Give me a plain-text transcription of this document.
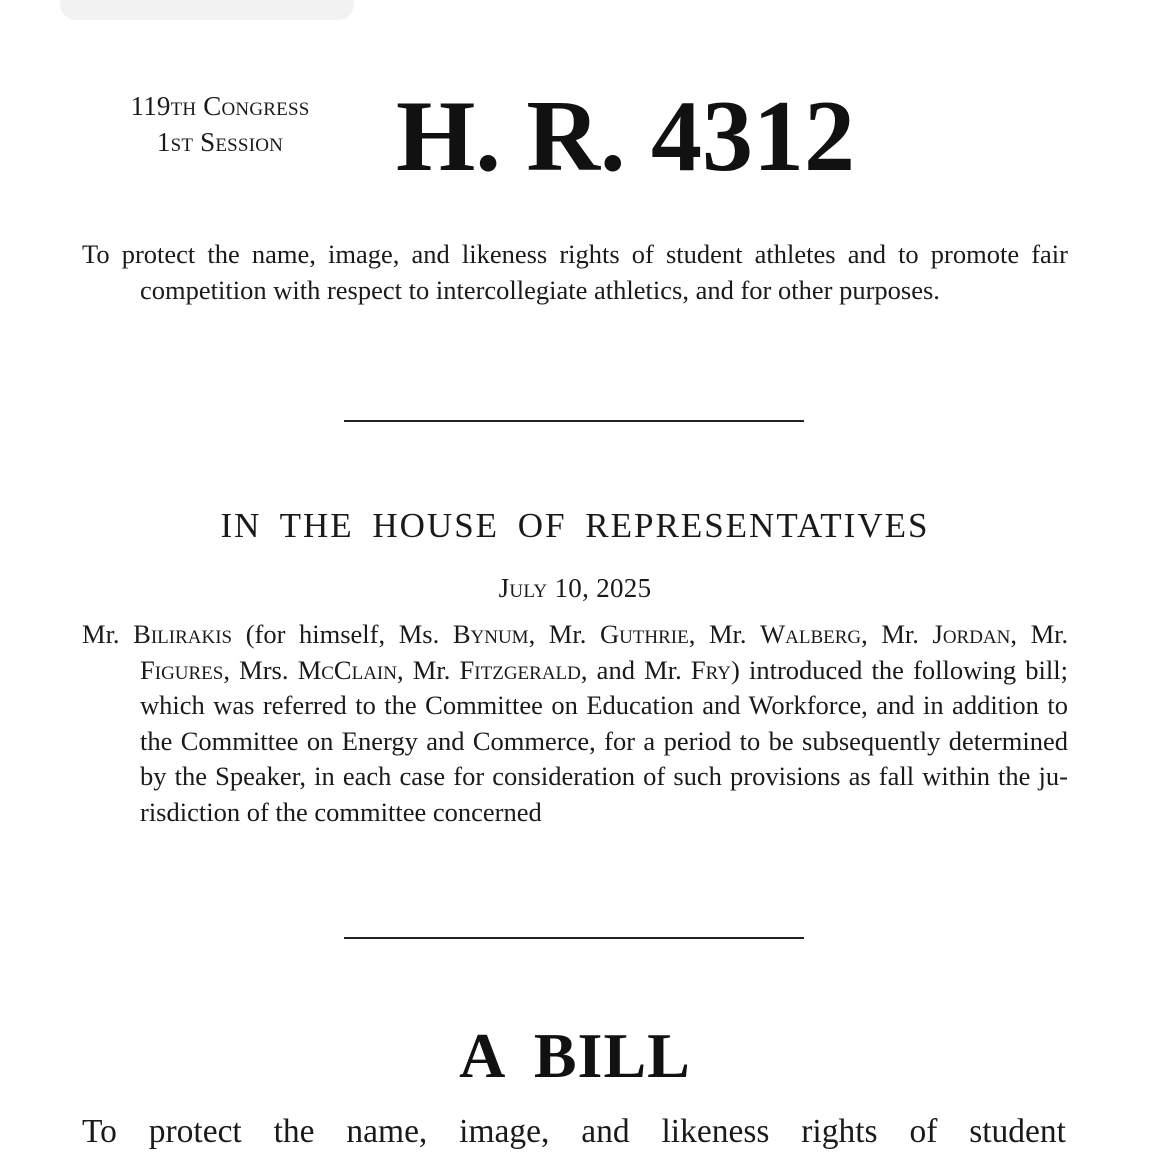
119th Congress
1st Session	H. R. 4312
To protect the name, image, and likeness rights of student athletes and to promote fair competition with respect to intercollegiate athletics, and for other purposes.
IN THE HOUSE OF REPRESENTATIVES
July 10, 2025
Mr. Bilirakis (for himself, Ms. Bynum, Mr. Guthrie, Mr. Walberg, Mr. Jordan, Mr. Figures, Mrs. McClain, Mr. Fitzgerald, and Mr. Fry) introduced the following bill; which was referred to the Committee on Education and Workforce, and in addition to the Committee on Energy and Commerce, for a period to be subsequently determined by the Speaker, in each case for consideration of such provisions as fall within the jurisdiction of the committee concerned
A BILL
To protect the name, image, and likeness rights of student
